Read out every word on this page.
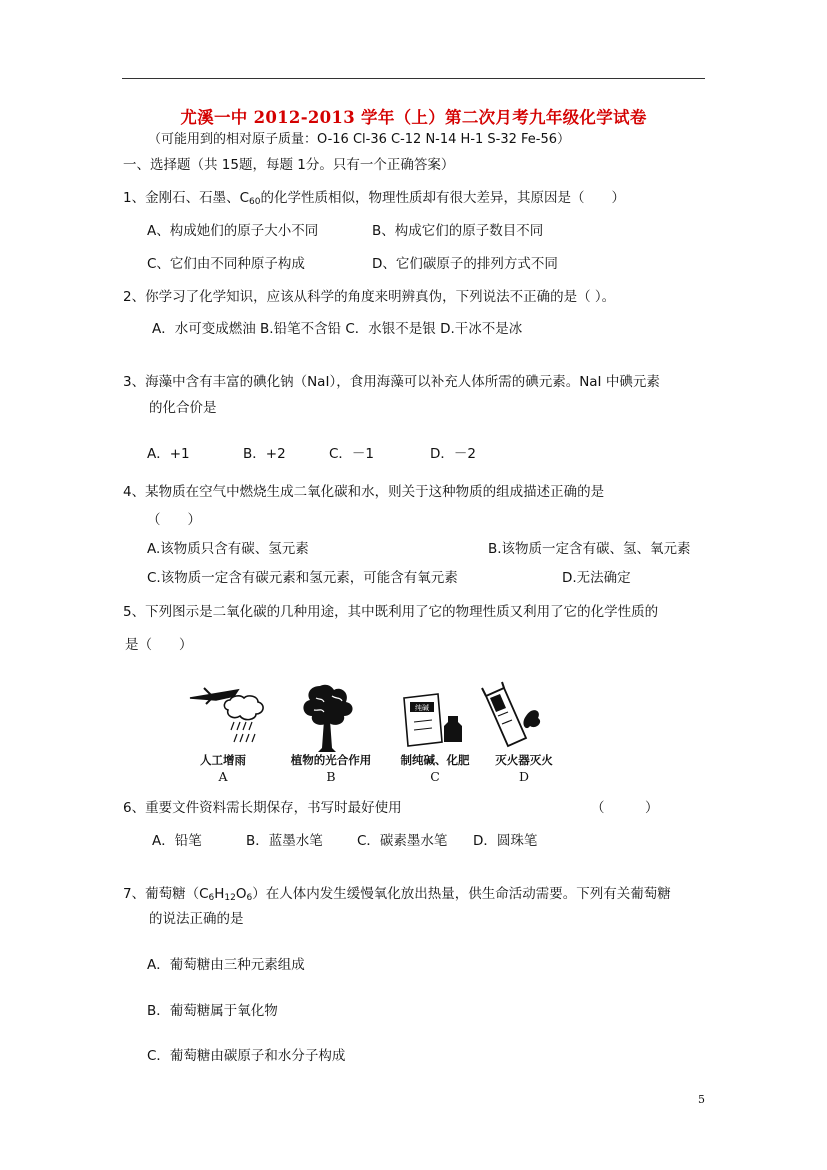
尤溪一中 2012-2013 学年（上）第二次月考九年级化学试卷
（可能用到的相对原子质量：O-16 Cl-36 C-12 N-14 H-1 S-32 Fe-56）
一、选择题（共 15题，每题 1分。只有一个正确答案）
1、金刚石、石墨、$C_{60}$的化学性质相似，物理性质却有很大差异，其原因是（　　）
A、构成她们的原子大小不同	B、构成它们的原子数目不同
C、它们由不同种原子构成	D、它们碳原子的排列方式不同
2、你学习了化学知识，应该从科学的角度来明辨真伪，下列说法不正确的是（ ）。
A．水可变成燃油 B.铅笔不含铅 C．水银不是银 D.干冰不是冰
3、海藻中含有丰富的碘化钠（NaI），食用海藻可以补充人体所需的碘元素。NaI 中碘元素
的化合价是
A．+1	B．+2	C．－1	D．－2
4、某物质在空气中燃烧生成二氧化碳和水，则关于这种物质的组成描述正确的是
（　　）
A.该物质只含有碳、氢元素	B.该物质一定含有碳、氢、氧元素
C.该物质一定含有碳元素和氢元素，可能含有氧元素	D.无法确定
5、下列图示是二氧化碳的几种用途，其中既利用了它的物理性质又利用了它的化学性质的
是（　　）
纯碱
人工增雨	植物的光合作用	制纯碱、化肥	灭火器灭火
A	B	C	D
6、重要文件资料需长期保存，书写时最好使用	（　　　）
A．铅笔	B．蓝墨水笔	C．碳素墨水笔 D．圆珠笔
7、葡萄糖$(C_6H_{12}O_6)$在人体内发生缓慢氧化放出热量，供生命活动需要。下列有关葡萄糖
的说法正确的是
A．葡萄糖由三种元素组成
B．葡萄糖属于氧化物
C．葡萄糖由碳原子和水分子构成
5
